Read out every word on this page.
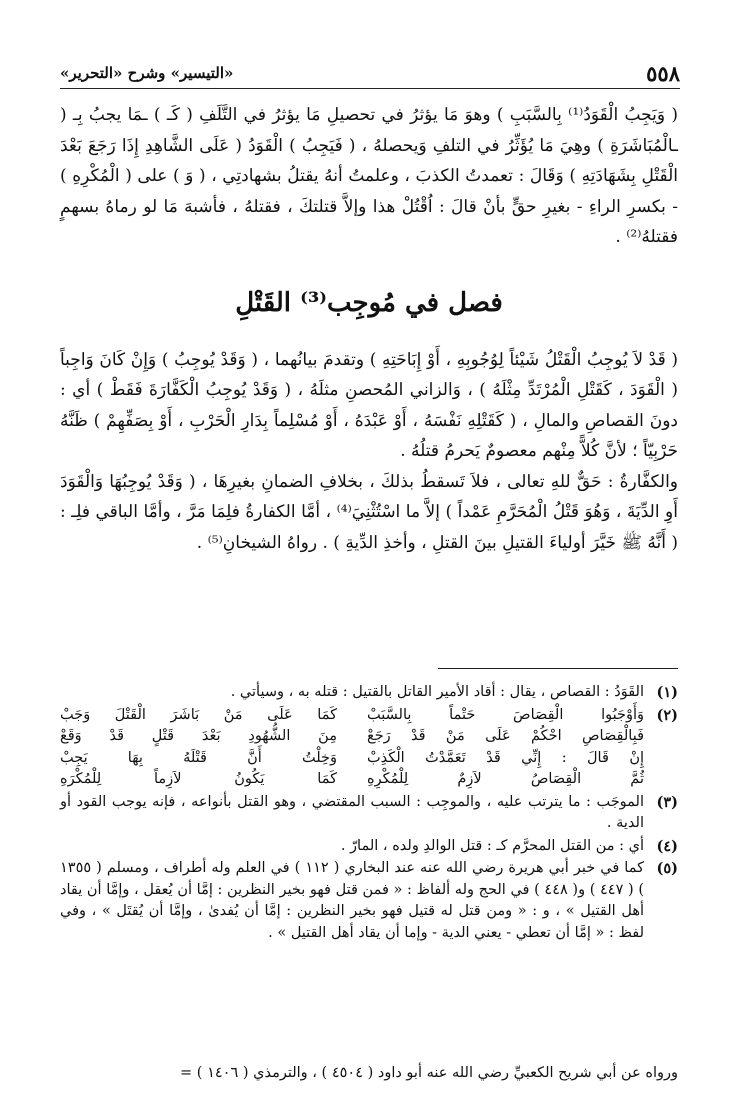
٥٥٨
«التيسير» وشرح «التحرير»

( وَيَجِبُ الْقَوَدُ⁽¹⁾ بِالسَّبَبِ ) وهوَ مَا يؤثرُ في تحصيلِ مَا يؤثرُ في التَّلَفِ ( كَـ ) ـمَا يجبُ بِـ ( ـالْمُبَاشَرَةِ ) وهِيَ مَا يُؤَثِّرُ في التلفِ وَيحصلهُ ، ( فَيَجِبُ ) الْقَوَدُ ( عَلَى الشَّاهِدِ إِذَا رَجَعَ بَعْدَ الْقَتْلِ بِشَهَادَتِهِ ) وَقَالَ : تعمدتُ الكذبَ ، وعلمتُ أنهُ يقتلُ بشهادتِي ، ( وَ ) على ( الْمُكْرِهِ ) - بكسرِ الراءِ - بغيرِ حقٍّ بأنْ قالَ : اُقْتُلْ هذا وإلاَّ قتلتكَ ، فقتلهُ ، فأشبهَ مَا لو رماهُ بسهمٍ فقتلهُ⁽²⁾ .

فصل في مُوجِب⁽³⁾ القَتْلِ

( قَدْ لاَ يُوجِبُ الْقَتْلُ شَيْئاً لِوُجُوبِهِ ، أَوْ إِبَاحَتِهِ ) وتقدمَ بيانُهما ، ( وَقَدْ يُوجِبُ ) وَإِنْ كَانَ وَاجِباً ( الْقَوَدَ ، كَقَتْلِ الْمُرْتَدِّ مِثْلَهُ ) ، وَالزاني المُحصنِ مثلَهُ ، ( وَقَدْ يُوجِبُ الْكَفَّارَةَ فَقَطْ ) أي : دونَ القصاصِ والمالِ ، ( كَقَتْلِهِ نَفْسَهُ ، أَوْ عَبْدَهُ ، أَوْ مُسْلِماً بِدَارِ الْحَرْبِ ، أَوْ بِصَفِّهِمْ ) ظَنَّهُ حَرْبِيّاً ؛ لأنَّ كُلاًّ مِنْهم معصومٌ يَحرمُ قتلُهُ .

والكفَّارةُ : حَقٌّ للهِ تعالى ، فلاَ تَسقطُ بذلكَ ، بخلافِ الضمانِ بغيرِهَا ، ( وَقَدْ يُوجِبُهَا وَالْقَوَدَ أَوِ الدِّيَةَ ، وَهُوَ قَتْلُ الْمُحَرَّمِ عَمْداً ) إلاَّ ما اسْتُثْنِيَ⁽⁴⁾ ، أمَّا الكفارةُ فلِمَا مَرَّ ، وأمَّا الباقي فلِـ : ( أَنَّهُ ﷺ خَيَّرَ أولياءَ القتيلِ بينَ القتلِ ، وأخذِ الدِّيةِ ) . رواهُ الشيخانِ⁽⁵⁾ .

(١)
القَوَدُ : القصاص ، يقال : أقاد الأمير القاتل بالقتيل : قتله به ، وسيأتي .
(٢)
وَأَوْجَبُوا الْقِصَاصَ حَتْماً بِالسَّبَبْ
كَمَا عَلَى مَنْ بَاشَرَ الْقَتْلَ وَجَبْ
فَبِالْقِصَاصِ احْكُمْ عَلَى مَنْ قَدْ رَجَعْ
مِنَ الشُّهُودِ بَعْدَ قَتْلٍ قَدْ وَقَعْ
إِنْ قَالَ : إِنِّي قَدْ تَعَمَّدْتُ الْكَذِبْ
وَخِلْتُ أَنَّ قَتْلَهُ بِهَا يَجِبْ
ثُمَّ الْقِصَاصُ لاَزِمٌ لِلْمُكْرِهِ
كَمَا يَكُونُ لاَزِماً لِلْمُكْرَهِ
(٣)
الموجَب : ما يترتب عليه ، والموجِب : السبب المقتضي ، وهو القتل بأنواعه ، فإنه يوجب القود أو الدية .
(٤)
أي : من القتل المحرَّم كـ : قتل الوالدِ ولده ، المارّ .
(٥)
كما في خبر أبي هريرة رضي الله عنه عند البخاري ( ١١٢ ) في العلم وله أطراف ، ومسلم ( ١٣٥٥ ) ( ٤٤٧ ) و( ٤٤٨ ) في الحج وله ألفاظ : « فمن قتل فهو بخير النظرين : إمَّا أن يُعقل ، وإمَّا أن يقاد أهل القتيل » ، و : « ومن قتل له قتيل فهو بخير النظرين : إمَّا أن يُفدىٰ ، وإمَّا أن يُقتَل » ، وفي لفظ : « إمَّا أن تعطي - يعني الدية - وإما أن يقاد أهل القتيل » .
ورواه عن أبي شريح الكعبيِّ رضي الله عنه أبو داود ( ٤٥٠٤ ) ، والترمذي ( ١٤٠٦ ) =
